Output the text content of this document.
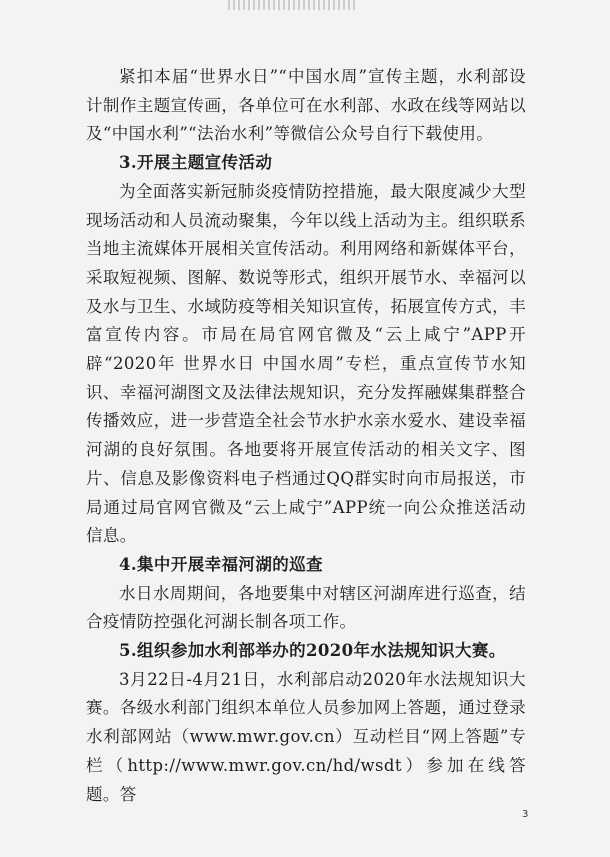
紧扣本届“世界水日”“中国水周”宣传主题，水利部设计制作主题宣传画，各单位可在水利部、水政在线等网站以及“中国水利”“法治水利”等微信公众号自行下载使用。

3.开展主题宣传活动

为全面落实新冠肺炎疫情防控措施，最大限度减少大型现场活动和人员流动聚集，今年以线上活动为主。组织联系当地主流媒体开展相关宣传活动。利用网络和新媒体平台，采取短视频、图解、数说等形式，组织开展节水、幸福河以及水与卫生、水域防疫等相关知识宣传，拓展宣传方式，丰富宣传内容。市局在局官网官微及“云上咸宁”APP开辟“2020年 世界水日 中国水周”专栏，重点宣传节水知识、幸福河湖图文及法律法规知识，充分发挥融媒集群整合传播效应，进一步营造全社会节水护水亲水爱水、建设幸福河湖的良好氛围。各地要将开展宣传活动的相关文字、图片、信息及影像资料电子档通过QQ群实时向市局报送，市局通过局官网官微及“云上咸宁”APP统一向公众推送活动信息。

4.集中开展幸福河湖的巡查

水日水周期间，各地要集中对辖区河湖库进行巡查，结合疫情防控强化河湖长制各项工作。

5.组织参加水利部举办的2020年水法规知识大赛。

3月22日-4月21日，水利部启动2020年水法规知识大赛。各级水利部门组织本单位人员参加网上答题，通过登录水利部网站（www.mwr.gov.cn）互动栏目“网上答题”专栏（http://www.mwr.gov.cn/hd/wsdt）参加在线答题。答

3
